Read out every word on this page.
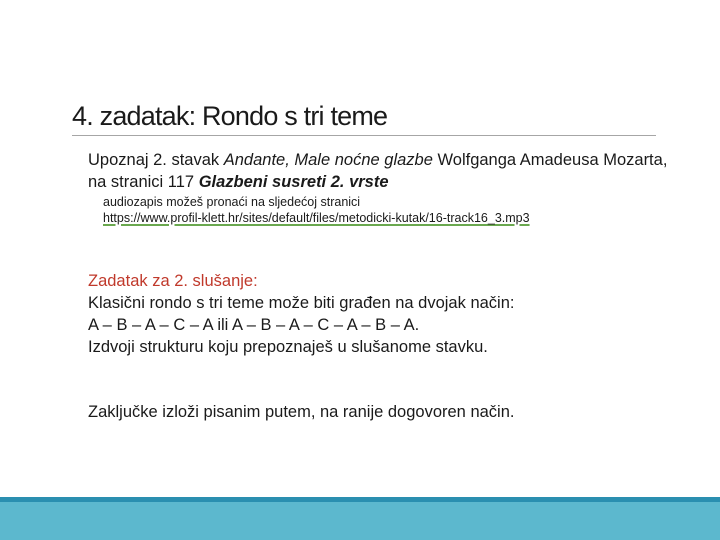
4. zadatak: Rondo s tri teme

Upoznaj 2. stavak Andante, Male noćne glazbe Wolfganga Amadeusa Mozarta, na stranici 117 Glazbeni susreti 2. vrste

audiozapis možeš pronaći na sljedećoj stranici

https://www.profil-klett.hr/sites/default/files/metodicki-kutak/16-track16_3.mp3

Zadatak za 2. slušanje:

Klasični rondo s tri teme može biti građen na dvojak način:

A – B – A – C – A ili A – B – A – C – A – B – A.

Izdvoji strukturu koju prepoznaješ u slušanome stavku.

Zaključke izloži pisanim putem, na ranije dogovoren način.
